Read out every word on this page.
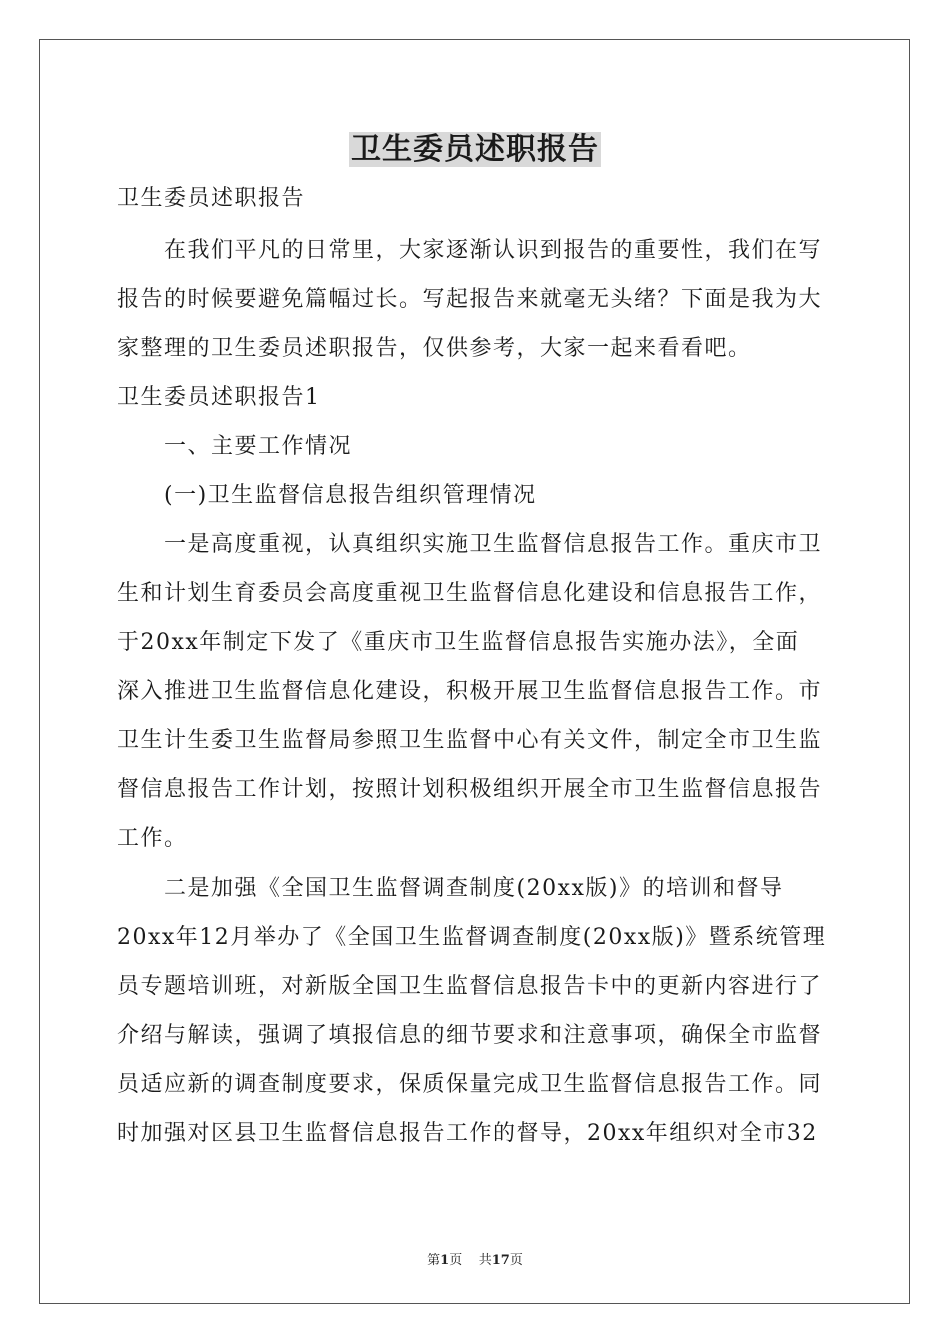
卫生委员述职报告
卫生委员述职报告
在我们平凡的日常里，大家逐渐认识到报告的重要性，我们在写
报告的时候要避免篇幅过长。写起报告来就毫无头绪？下面是我为大
家整理的卫生委员述职报告，仅供参考，大家一起来看看吧。
卫生委员述职报告1
一、主要工作情况
(一)卫生监督信息报告组织管理情况
一是高度重视，认真组织实施卫生监督信息报告工作。重庆市卫
生和计划生育委员会高度重视卫生监督信息化建设和信息报告工作，
于20xx年制定下发了《重庆市卫生监督信息报告实施办法》，全面
深入推进卫生监督信息化建设，积极开展卫生监督信息报告工作。市
卫生计生委卫生监督局参照卫生监督中心有关文件，制定全市卫生监
督信息报告工作计划，按照计划积极组织开展全市卫生监督信息报告
工作。
二是加强《全国卫生监督调查制度(20xx版)》的培训和督导
20xx年12月举办了《全国卫生监督调查制度(20xx版)》暨系统管理
员专题培训班，对新版全国卫生监督信息报告卡中的更新内容进行了
介绍与解读，强调了填报信息的细节要求和注意事项，确保全市监督
员适应新的调查制度要求，保质保量完成卫生监督信息报告工作。同
时加强对区县卫生监督信息报告工作的督导，20xx年组织对全市32
第1页 共17页
